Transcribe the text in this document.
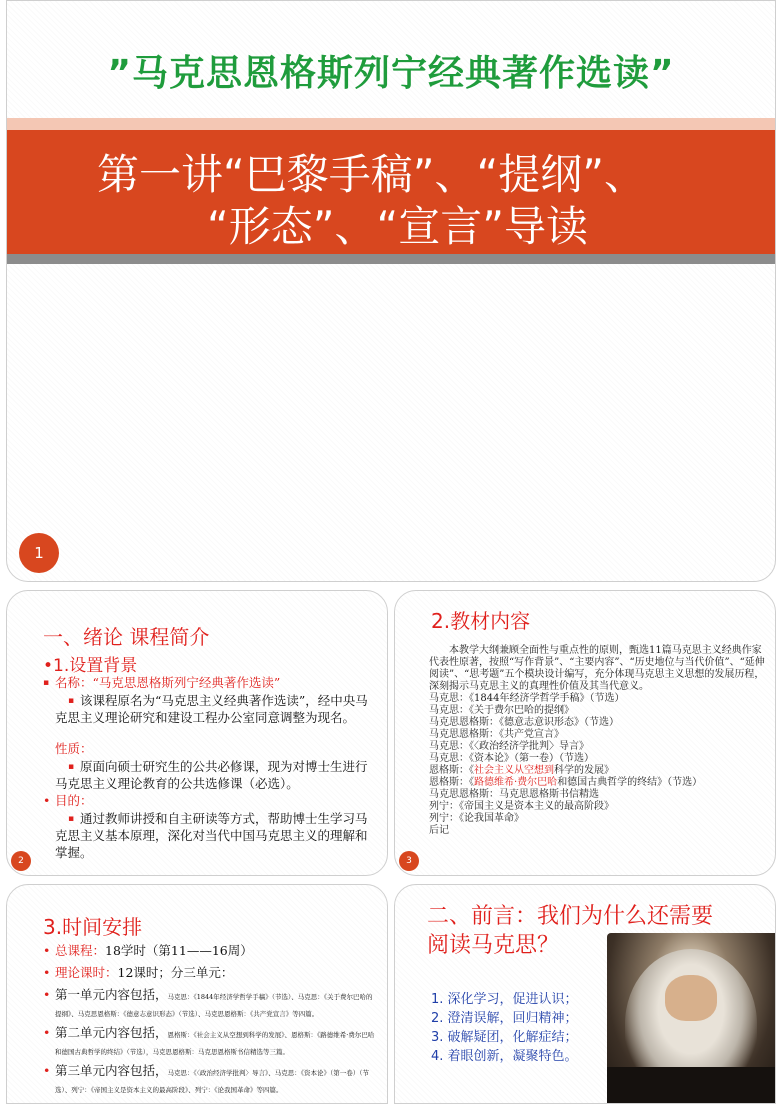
”马克思恩格斯列宁经典著作选读”
第一讲“巴黎手稿”、“提纲”、
“形态”、“宣言”导读
1
一、绪论 课程简介
•1.设置背景
▪ 名称：“马克思恩格斯列宁经典著作选读”
▪ 该课程原名为“马克思主义经典著作选读”，经中央马克思主义理论研究和建设工程办公室同意调整为现名。
性质：
▪ 原面向硕士研究生的公共必修课，现为对博士生进行马克思主义理论教育的公共选修课（必选）。
• 目的：
▪ 通过教师讲授和自主研读等方式，帮助博士生学习马克思主义基本原理，深化对当代中国马克思主义的理解和掌握。
2
2.教材内容

本教学大纲兼顾全面性与重点性的原则，甄选11篇马克思主义经典作家代表性原著，按照“写作背景”、“主要内容”、“历史地位与当代价值”、“延伸阅读”、“思考题”五个模块设计编写，充分体现马克思主义思想的发展历程，深刻揭示马克思主义的真理性价值及其当代意义。

马克思：《1844年经济学哲学手稿》（节选）

马克思：《关于费尔巴哈的提纲》

马克思恩格斯：《德意志意识形态》（节选）

马克思恩格斯：《共产党宣言》

马克思：《〈政治经济学批判〉导言》

马克思：《资本论》（第一卷）（节选）

恩格斯：《社会主义从空想到科学的发展》

恩格斯：《路德维希·费尔巴哈和德国古典哲学的终结》（节选）

马克思恩格斯：马克思恩格斯书信精选

列宁：《帝国主义是资本主义的最高阶段》

列宁：《论我国革命》

后记

3
3.时间安排
• 总课程：18学时（第11——16周）
• 理论课时：12课时；分三单元：
• 第一单元内容包括，马克思：《1844年经济学哲学手稿》（节选）、马克思：《关于费尔巴哈的提纲》、马克思恩格斯：《德意志意识形态》（节选）、马克思恩格斯：《共产党宣言》等四篇。
• 第二单元内容包括，恩格斯：《社会主义从空想到科学的发展》、恩格斯：《路德维希·费尔巴哈和德国古典哲学的终结》（节选），马克思恩格斯：马克思恩格斯书信精选等三篇。
• 第三单元内容包括，马克思：《〈政治经济学批判〉导言》、马克思：《资本论》（第一卷）（节选）、列宁：《帝国主义是资本主义的最高阶段》、列宁：《论我国革命》等四篇。
二、前言：我们为什么还需要
阅读马克思？
1. 深化学习，促进认识；
2. 澄清误解，回归精神；
3. 破解疑团，化解症结；
4. 着眼创新，凝聚特色。
